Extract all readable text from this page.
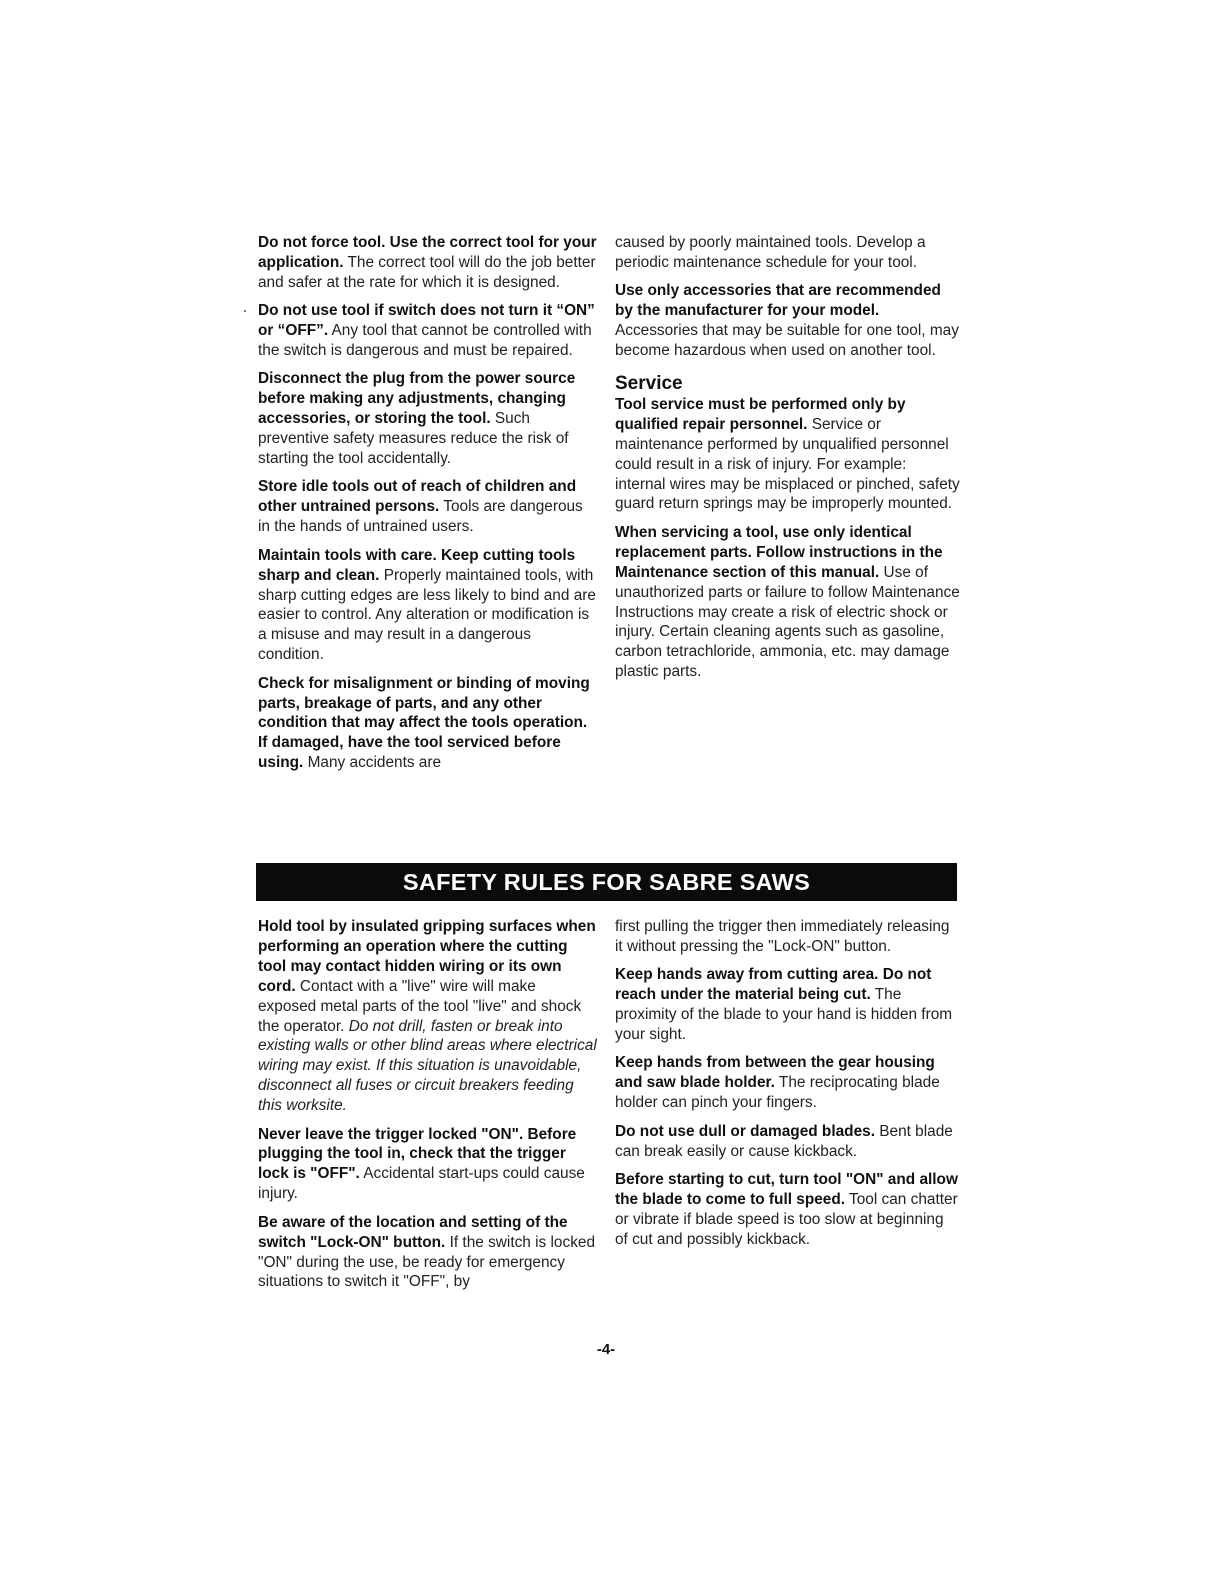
Do not force tool. Use the correct tool for your application. The correct tool will do the job better and safer at the rate for which it is designed.

Do not use tool if switch does not turn it “ON” or “OFF”. Any tool that cannot be controlled with the switch is dangerous and must be repaired.

Disconnect the plug from the power source before making any adjustments, changing accessories, or storing the tool. Such preventive safety measures reduce the risk of starting the tool accidentally.

Store idle tools out of reach of children and other untrained persons. Tools are dangerous in the hands of untrained users.

Maintain tools with care. Keep cutting tools sharp and clean. Properly maintained tools, with sharp cutting edges are less likely to bind and are easier to control. Any alteration or modification is a misuse and may result in a dangerous condition.

Check for misalignment or binding of moving parts, breakage of parts, and any other condition that may affect the tools operation. If damaged, have the tool serviced before using. Many accidents are

caused by poorly maintained tools. Develop a periodic maintenance schedule for your tool.

Use only accessories that are recommended by the manufacturer for your model. Accessories that may be suitable for one tool, may become hazardous when used on another tool.

Service

Tool service must be performed only by qualified repair personnel. Service or maintenance performed by unqualified personnel could result in a risk of injury. For example: internal wires may be misplaced or pinched, safety guard return springs may be improperly mounted.

When servicing a tool, use only identical replacement parts. Follow instructions in the Maintenance section of this manual. Use of unauthorized parts or failure to follow Maintenance Instructions may create a risk of electric shock or injury. Certain cleaning agents such as gasoline, carbon tetrachloride, ammonia, etc. may damage plastic parts.

SAFETY RULES FOR SABRE SAWS

Hold tool by insulated gripping surfaces when performing an operation where the cutting tool may contact hidden wiring or its own cord. Contact with a "live" wire will make exposed metal parts of the tool "live" and shock the operator. Do not drill, fasten or break into existing walls or other blind areas where electrical wiring may exist. If this situation is unavoidable, disconnect all fuses or circuit breakers feeding this worksite.

Never leave the trigger locked "ON". Before plugging the tool in, check that the trigger lock is "OFF". Accidental start-ups could cause injury.

Be aware of the location and setting of the switch "Lock-ON" button. If the switch is locked "ON" during the use, be ready for emergency situations to switch it "OFF", by

first pulling the trigger then immediately releasing it without pressing the "Lock-ON" button.

Keep hands away from cutting area. Do not reach under the material being cut. The proximity of the blade to your hand is hidden from your sight.

Keep hands from between the gear housing and saw blade holder. The reciprocating blade holder can pinch your fingers.

Do not use dull or damaged blades. Bent blade can break easily or cause kickback.

Before starting to cut, turn tool "ON" and allow the blade to come to full speed. Tool can chatter or vibrate if blade speed is too slow at beginning of cut and possibly kickback.

-4-
